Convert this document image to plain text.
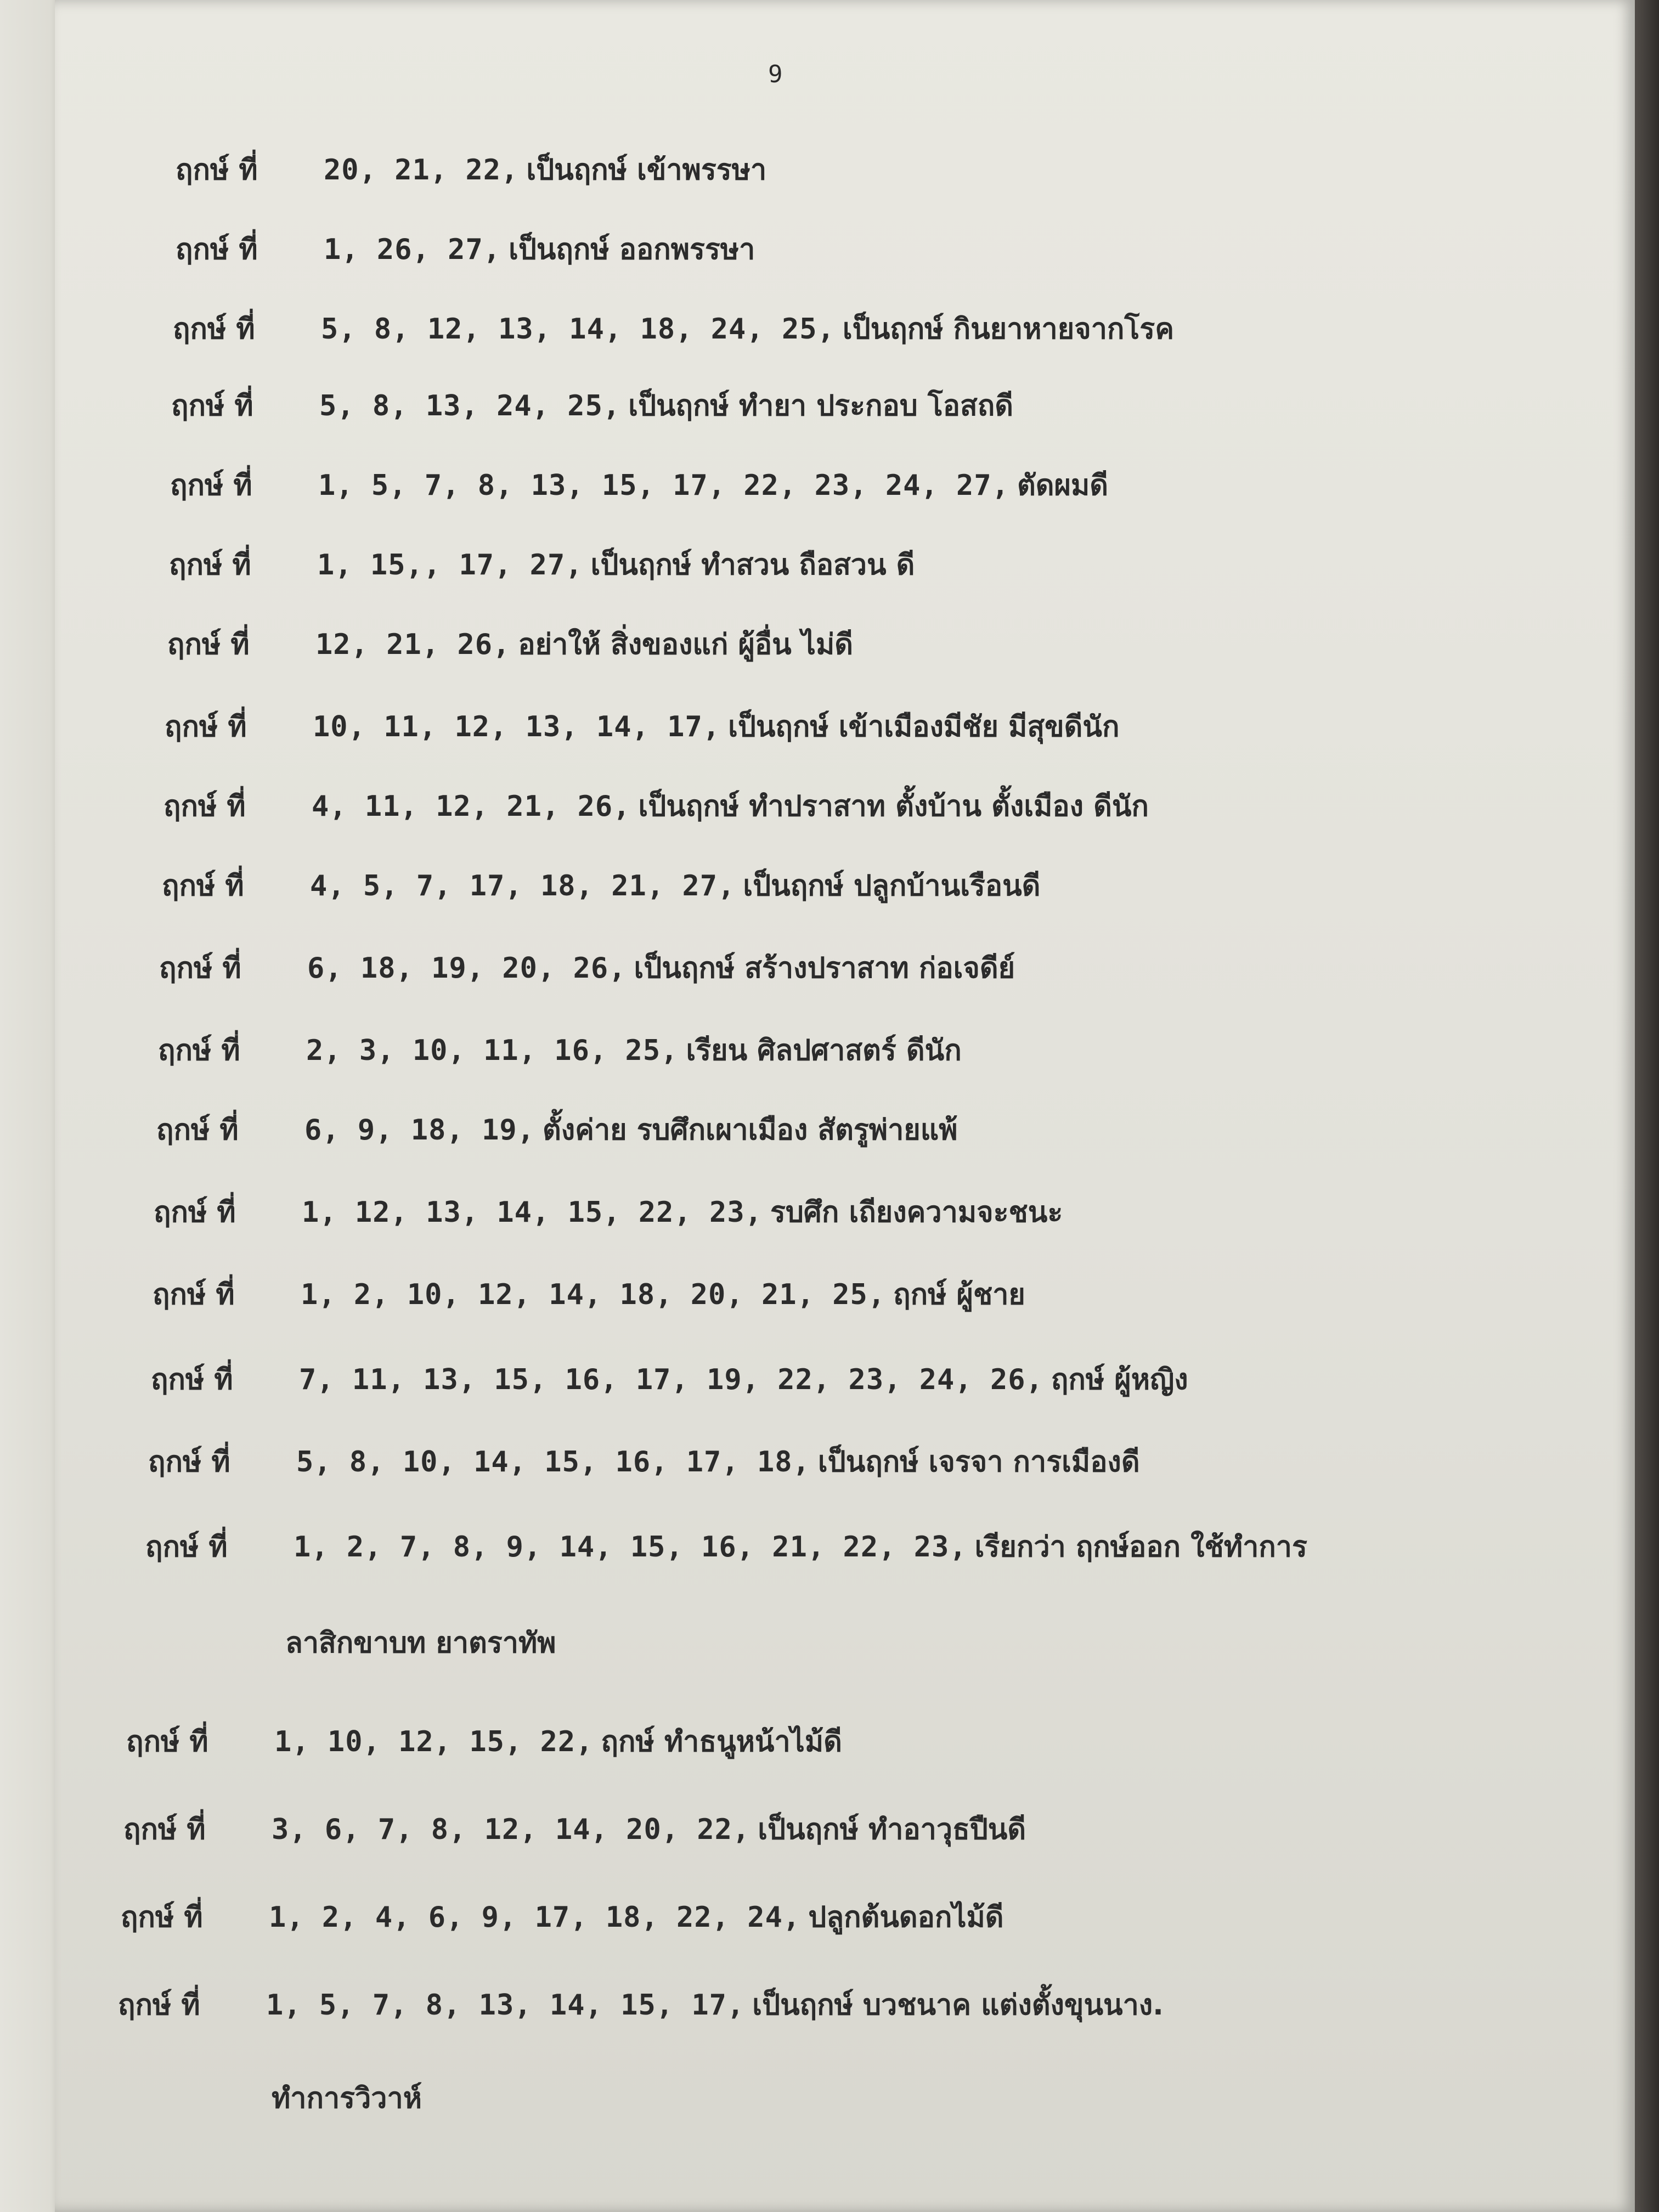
9
ฤกษ์ ที่ 20, 21, 22, เป็นฤกษ์ เข้าพรรษา
ฤกษ์ ที่ 1, 26, 27, เป็นฤกษ์ ออกพรรษา
ฤกษ์ ที่ 5, 8, 12, 13, 14, 18, 24, 25, เป็นฤกษ์ กินยาหายจากโรค
ฤกษ์ ที่ 5, 8, 13, 24, 25, เป็นฤกษ์ ทำยา ประกอบ โอสถดี
ฤกษ์ ที่ 1, 5, 7, 8, 13, 15, 17, 22, 23, 24, 27, ตัดผมดี
ฤกษ์ ที่ 1, 15,, 17, 27, เป็นฤกษ์ ทำสวน ถือสวน ดี
ฤกษ์ ที่ 12, 21, 26, อย่าให้ สิ่งของแก่ ผู้อื่น ไม่ดี
ฤกษ์ ที่ 10, 11, 12, 13, 14, 17, เป็นฤกษ์ เข้าเมืองมีชัย มีสุขดีนัก
ฤกษ์ ที่ 4, 11, 12, 21, 26, เป็นฤกษ์ ทำปราสาท ตั้งบ้าน ตั้งเมือง ดีนัก
ฤกษ์ ที่ 4, 5, 7, 17, 18, 21, 27, เป็นฤกษ์ ปลูกบ้านเรือนดี
ฤกษ์ ที่ 6, 18, 19, 20, 26, เป็นฤกษ์ สร้างปราสาท ก่อเจดีย์
ฤกษ์ ที่ 2, 3, 10, 11, 16, 25, เรียน ศิลปศาสตร์ ดีนัก
ฤกษ์ ที่ 6, 9, 18, 19, ตั้งค่าย รบศึกเผาเมือง สัตรูพ่ายแพ้
ฤกษ์ ที่ 1, 12, 13, 14, 15, 22, 23, รบศึก เถียงความจะชนะ
ฤกษ์ ที่ 1, 2, 10, 12, 14, 18, 20, 21, 25, ฤกษ์ ผู้ชาย
ฤกษ์ ที่ 7, 11, 13, 15, 16, 17, 19, 22, 23, 24, 26, ฤกษ์ ผู้หญิง
ฤกษ์ ที่ 5, 8, 10, 14, 15, 16, 17, 18, เป็นฤกษ์ เจรจา การเมืองดี
ฤกษ์ ที่ 1, 2, 7, 8, 9, 14, 15, 16, 21, 22, 23, เรียกว่า ฤกษ์ออก ใช้ทำการ
ลาสิกขาบท ยาตราทัพ
ฤกษ์ ที่ 1, 10, 12, 15, 22, ฤกษ์ ทำธนูหน้าไม้ดี
ฤกษ์ ที่ 3, 6, 7, 8, 12, 14, 20, 22, เป็นฤกษ์ ทำอาวุธปืนดี
ฤกษ์ ที่ 1, 2, 4, 6, 9, 17, 18, 22, 24, ปลูกต้นดอกไม้ดี
ฤกษ์ ที่ 1, 5, 7, 8, 13, 14, 15, 17, เป็นฤกษ์ บวชนาค แต่งตั้งขุนนาง.
ทำการวิวาห์
